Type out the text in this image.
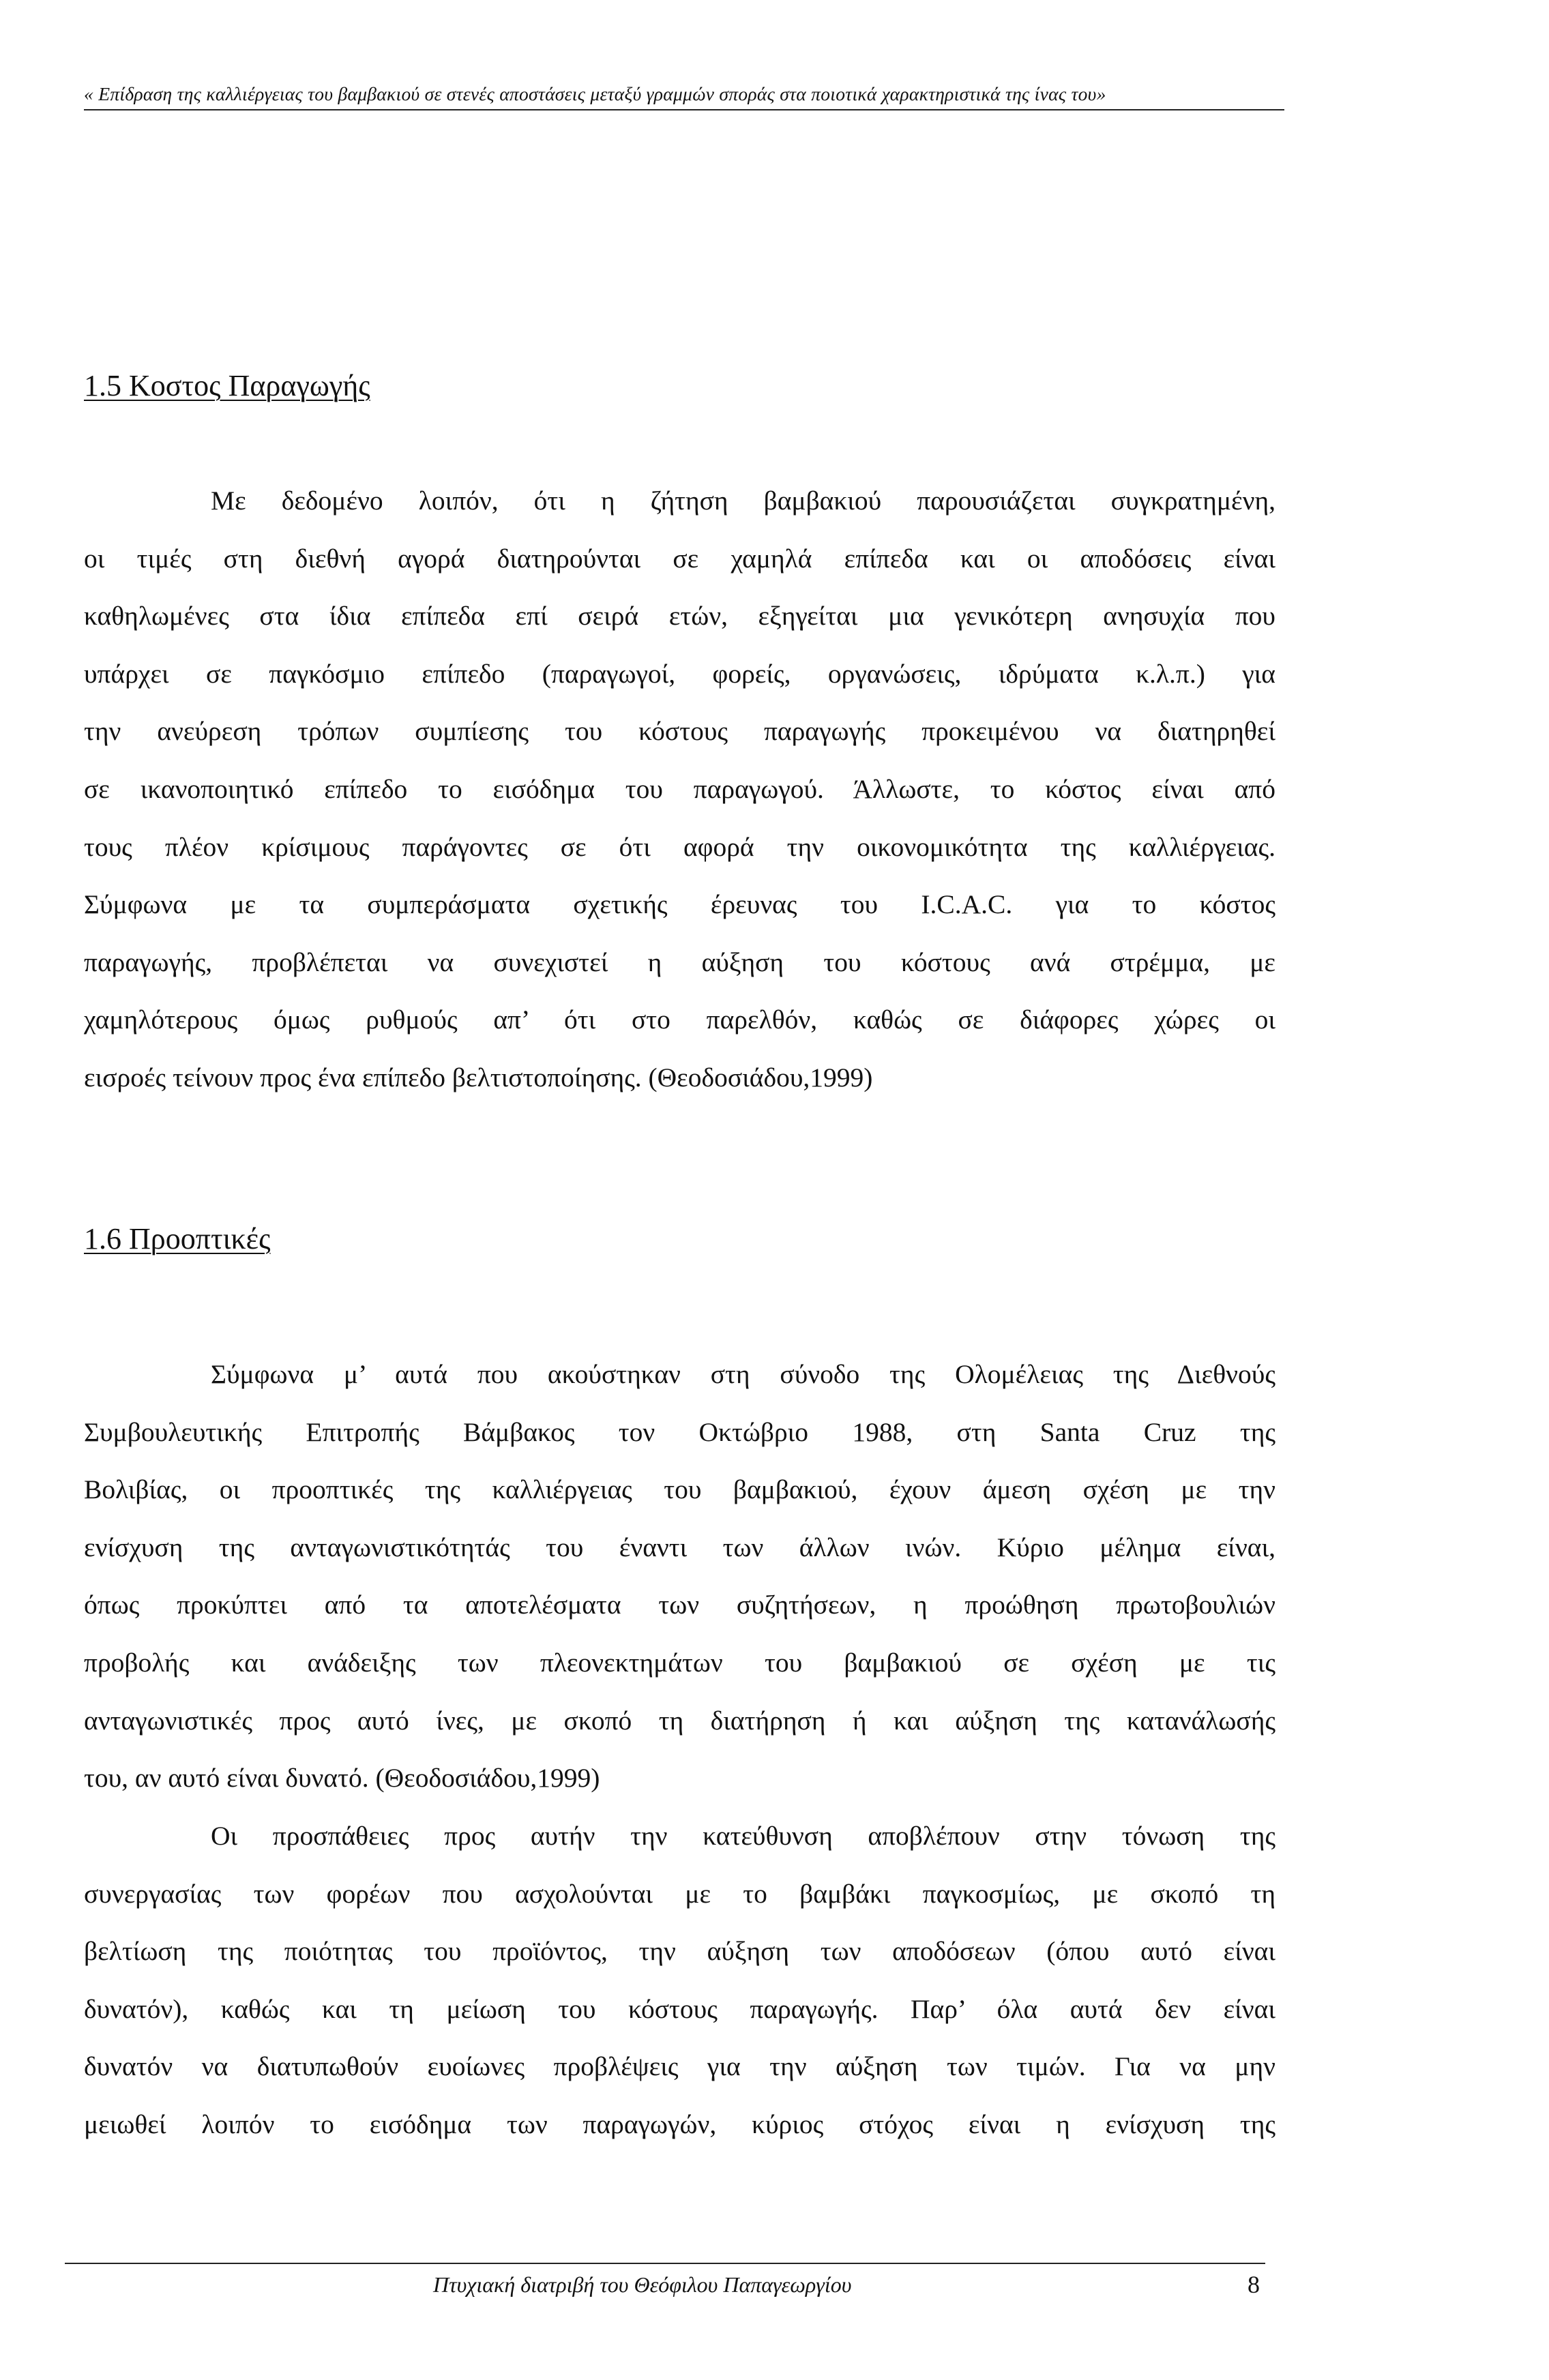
« Επίδραση της καλλιέργειας του βαμβακιού σε στενές αποστάσεις μεταξύ γραμμών σποράς στα ποιοτικά χαρακτηριστικά της ίνας του»
1.5 Κοστος Παραγωγής
Με δεδομένο λοιπόν, ότι η ζήτηση βαμβακιού παρουσιάζεται συγκρατημένη,
οι τιμές στη διεθνή αγορά διατηρούνται σε χαμηλά επίπεδα και οι αποδόσεις είναι
καθηλωμένες στα ίδια επίπεδα επί σειρά ετών, εξηγείται μια γενικότερη ανησυχία που
υπάρχει σε παγκόσμιο επίπεδο (παραγωγοί, φορείς, οργανώσεις, ιδρύματα κ.λ.π.) για
την ανεύρεση τρόπων συμπίεσης του κόστους παραγωγής προκειμένου να διατηρηθεί
σε ικανοποιητικό επίπεδο το εισόδημα του παραγωγού. Άλλωστε, το κόστος είναι από
τους πλέον κρίσιμους παράγοντες σε ότι αφορά την οικονομικότητα της καλλιέργειας.
Σύμφωνα με τα συμπεράσματα σχετικής έρευνας του I.C.A.C. για το κόστος
παραγωγής, προβλέπεται να συνεχιστεί η αύξηση του κόστους ανά στρέμμα, με
χαμηλότερους όμως ρυθμούς απ’ ότι στο παρελθόν, καθώς σε διάφορες χώρες οι
εισροές τείνουν προς ένα επίπεδο βελτιστοποίησης. (Θεοδοσιάδου,1999)
1.6 Προοπτικές
Σύμφωνα μ’ αυτά που ακούστηκαν στη σύνοδο της Ολομέλειας της Διεθνούς
Συμβουλευτικής Επιτροπής Βάμβακος τον Οκτώβριο 1988, στη Santa Cruz της
Βολιβίας, οι προοπτικές της καλλιέργειας του βαμβακιού, έχουν άμεση σχέση με την
ενίσχυση της ανταγωνιστικότητάς του έναντι των άλλων ινών. Κύριο μέλημα είναι,
όπως προκύπτει από τα αποτελέσματα των συζητήσεων, η προώθηση πρωτοβουλιών
προβολής και ανάδειξης των πλεονεκτημάτων του βαμβακιού σε σχέση με τις
ανταγωνιστικές προς αυτό ίνες, με σκοπό τη διατήρηση ή και αύξηση της κατανάλωσής
του, αν αυτό είναι δυνατό. (Θεοδοσιάδου,1999)
Οι προσπάθειες προς αυτήν την κατεύθυνση αποβλέπουν στην τόνωση της
συνεργασίας των φορέων που ασχολούνται με το βαμβάκι παγκοσμίως, με σκοπό τη
βελτίωση της ποιότητας του προϊόντος, την αύξηση των αποδόσεων (όπου αυτό είναι
δυνατόν), καθώς και τη μείωση του κόστους παραγωγής. Παρ’ όλα αυτά δεν είναι
δυνατόν να διατυπωθούν ευοίωνες προβλέψεις για την αύξηση των τιμών. Για να μην
μειωθεί λοιπόν το εισόδημα των παραγωγών, κύριος στόχος είναι η ενίσχυση της
Πτυχιακή διατριβή του Θεόφιλου Παπαγεωργίου	8
